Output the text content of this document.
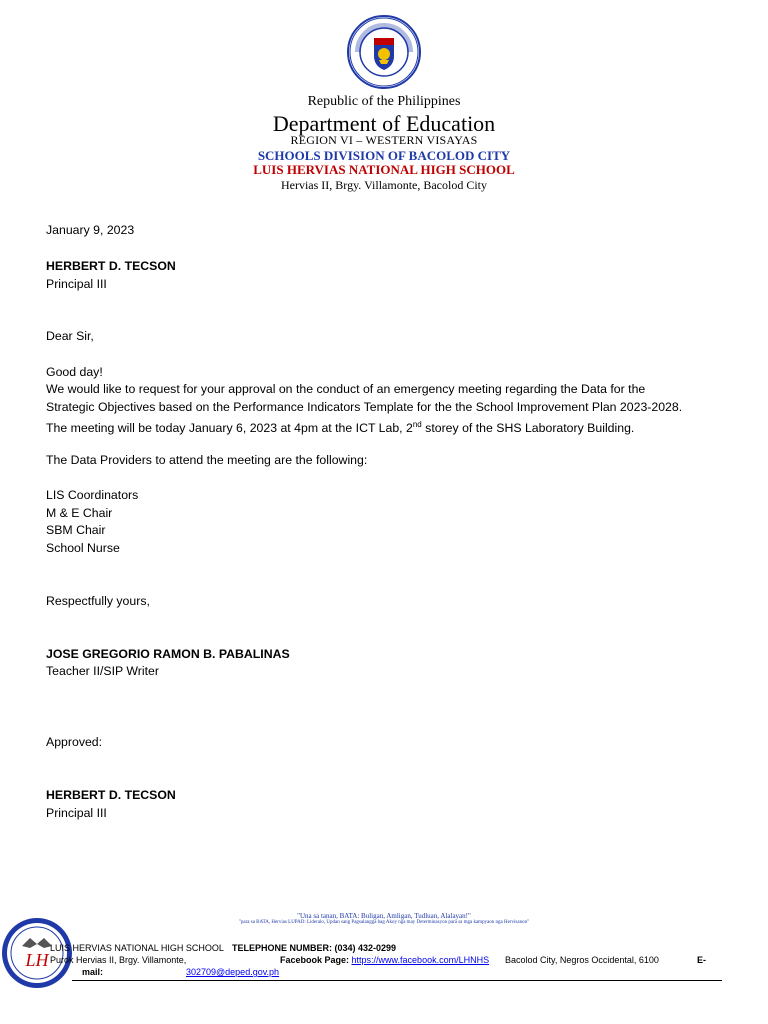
Republic of the Philippines
Department of Education
REGION VI – WESTERN VISAYAS
SCHOOLS DIVISION OF BACOLOD CITY
LUIS HERVIAS NATIONAL HIGH SCHOOL
Hervias II, Brgy. Villamonte, Bacolod City
January 9, 2023
HERBERT D. TECSON
Principal III
Dear Sir,
Good day!
We would like to request for your approval on the conduct of an emergency meeting regarding the Data for the
Strategic Objectives based on the Performance Indicators Template for the the School Improvement Plan 2023-2028.
The meeting will be today January 6, 2023 at 4pm at the ICT Lab, 2nd storey of the SHS Laboratory Building.
The Data Providers to attend the meeting are the following:
LIS Coordinators
M & E Chair
SBM Chair
School Nurse
Respectfully yours,
JOSE GREGORIO RAMON B. PABALINAS
Teacher II/SIP Writer
Approved:
HERBERT D. TECSON
Principal III
LH
"Una sa tanan, BATA: Buligan, Amligan, Tudluan, Alalayan!"
"para sa BATA, Hervias LUPAD: Lideralo, Updan sang Pagsalangga bag Akoy nga may Determinasyon para sa mga kampyaon nga Hervisanon"
LUIS HERVIAS NATIONAL HIGH SCHOOL TELEPHONE NUMBER: (034) 432-0299
Purok Hervias II, Brgy. Villamonte,	Facebook Page: https://www.facebook.com/LHNHS Bacolod City, Negros Occidental, 6100	E-
mail:	302709@deped.gov.ph
